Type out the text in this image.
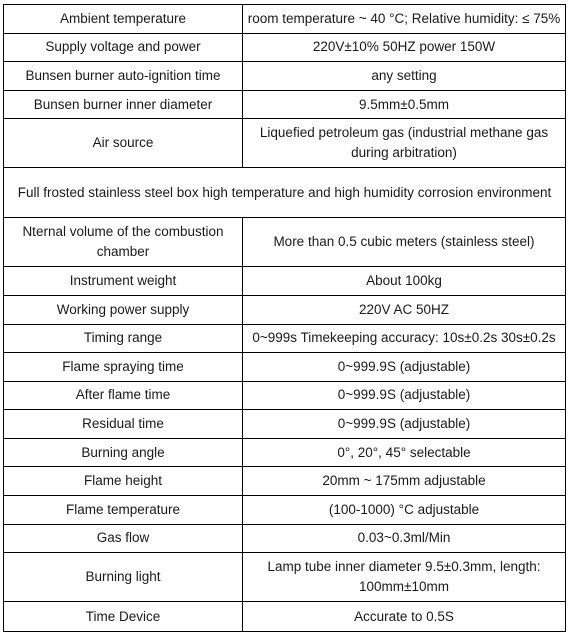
Ambient temperature	room temperature ~ 40 °C; Relative humidity: ≤ 75%
Supply voltage and power	220V±10% 50HZ power 150W
Bunsen burner auto-ignition time	any setting
Bunsen burner inner diameter	9.5mm±0.5mm
Air source	Liquefied petroleum gas (industrial methane gas during arbitration)
Full frosted stainless steel box high temperature and high humidity corrosion environment	
Nternal volume of the combustion chamber	More than 0.5 cubic meters (stainless steel)
Instrument weight	About 100kg
Working power supply	220V AC 50HZ
Timing range	0~999s Timekeeping accuracy: 10s±0.2s 30s±0.2s
Flame spraying time	0~999.9S (adjustable)
After flame time	0~999.9S (adjustable)
Residual time	0~999.9S (adjustable)
Burning angle	0°, 20°, 45° selectable
Flame height	20mm ~ 175mm adjustable
Flame temperature	(100-1000) °C adjustable
Gas flow	0.03~0.3ml/Min
Burning light	Lamp tube inner diameter 9.5±0.3mm, length: 100mm±10mm
Time Device	Accurate to 0.5S
